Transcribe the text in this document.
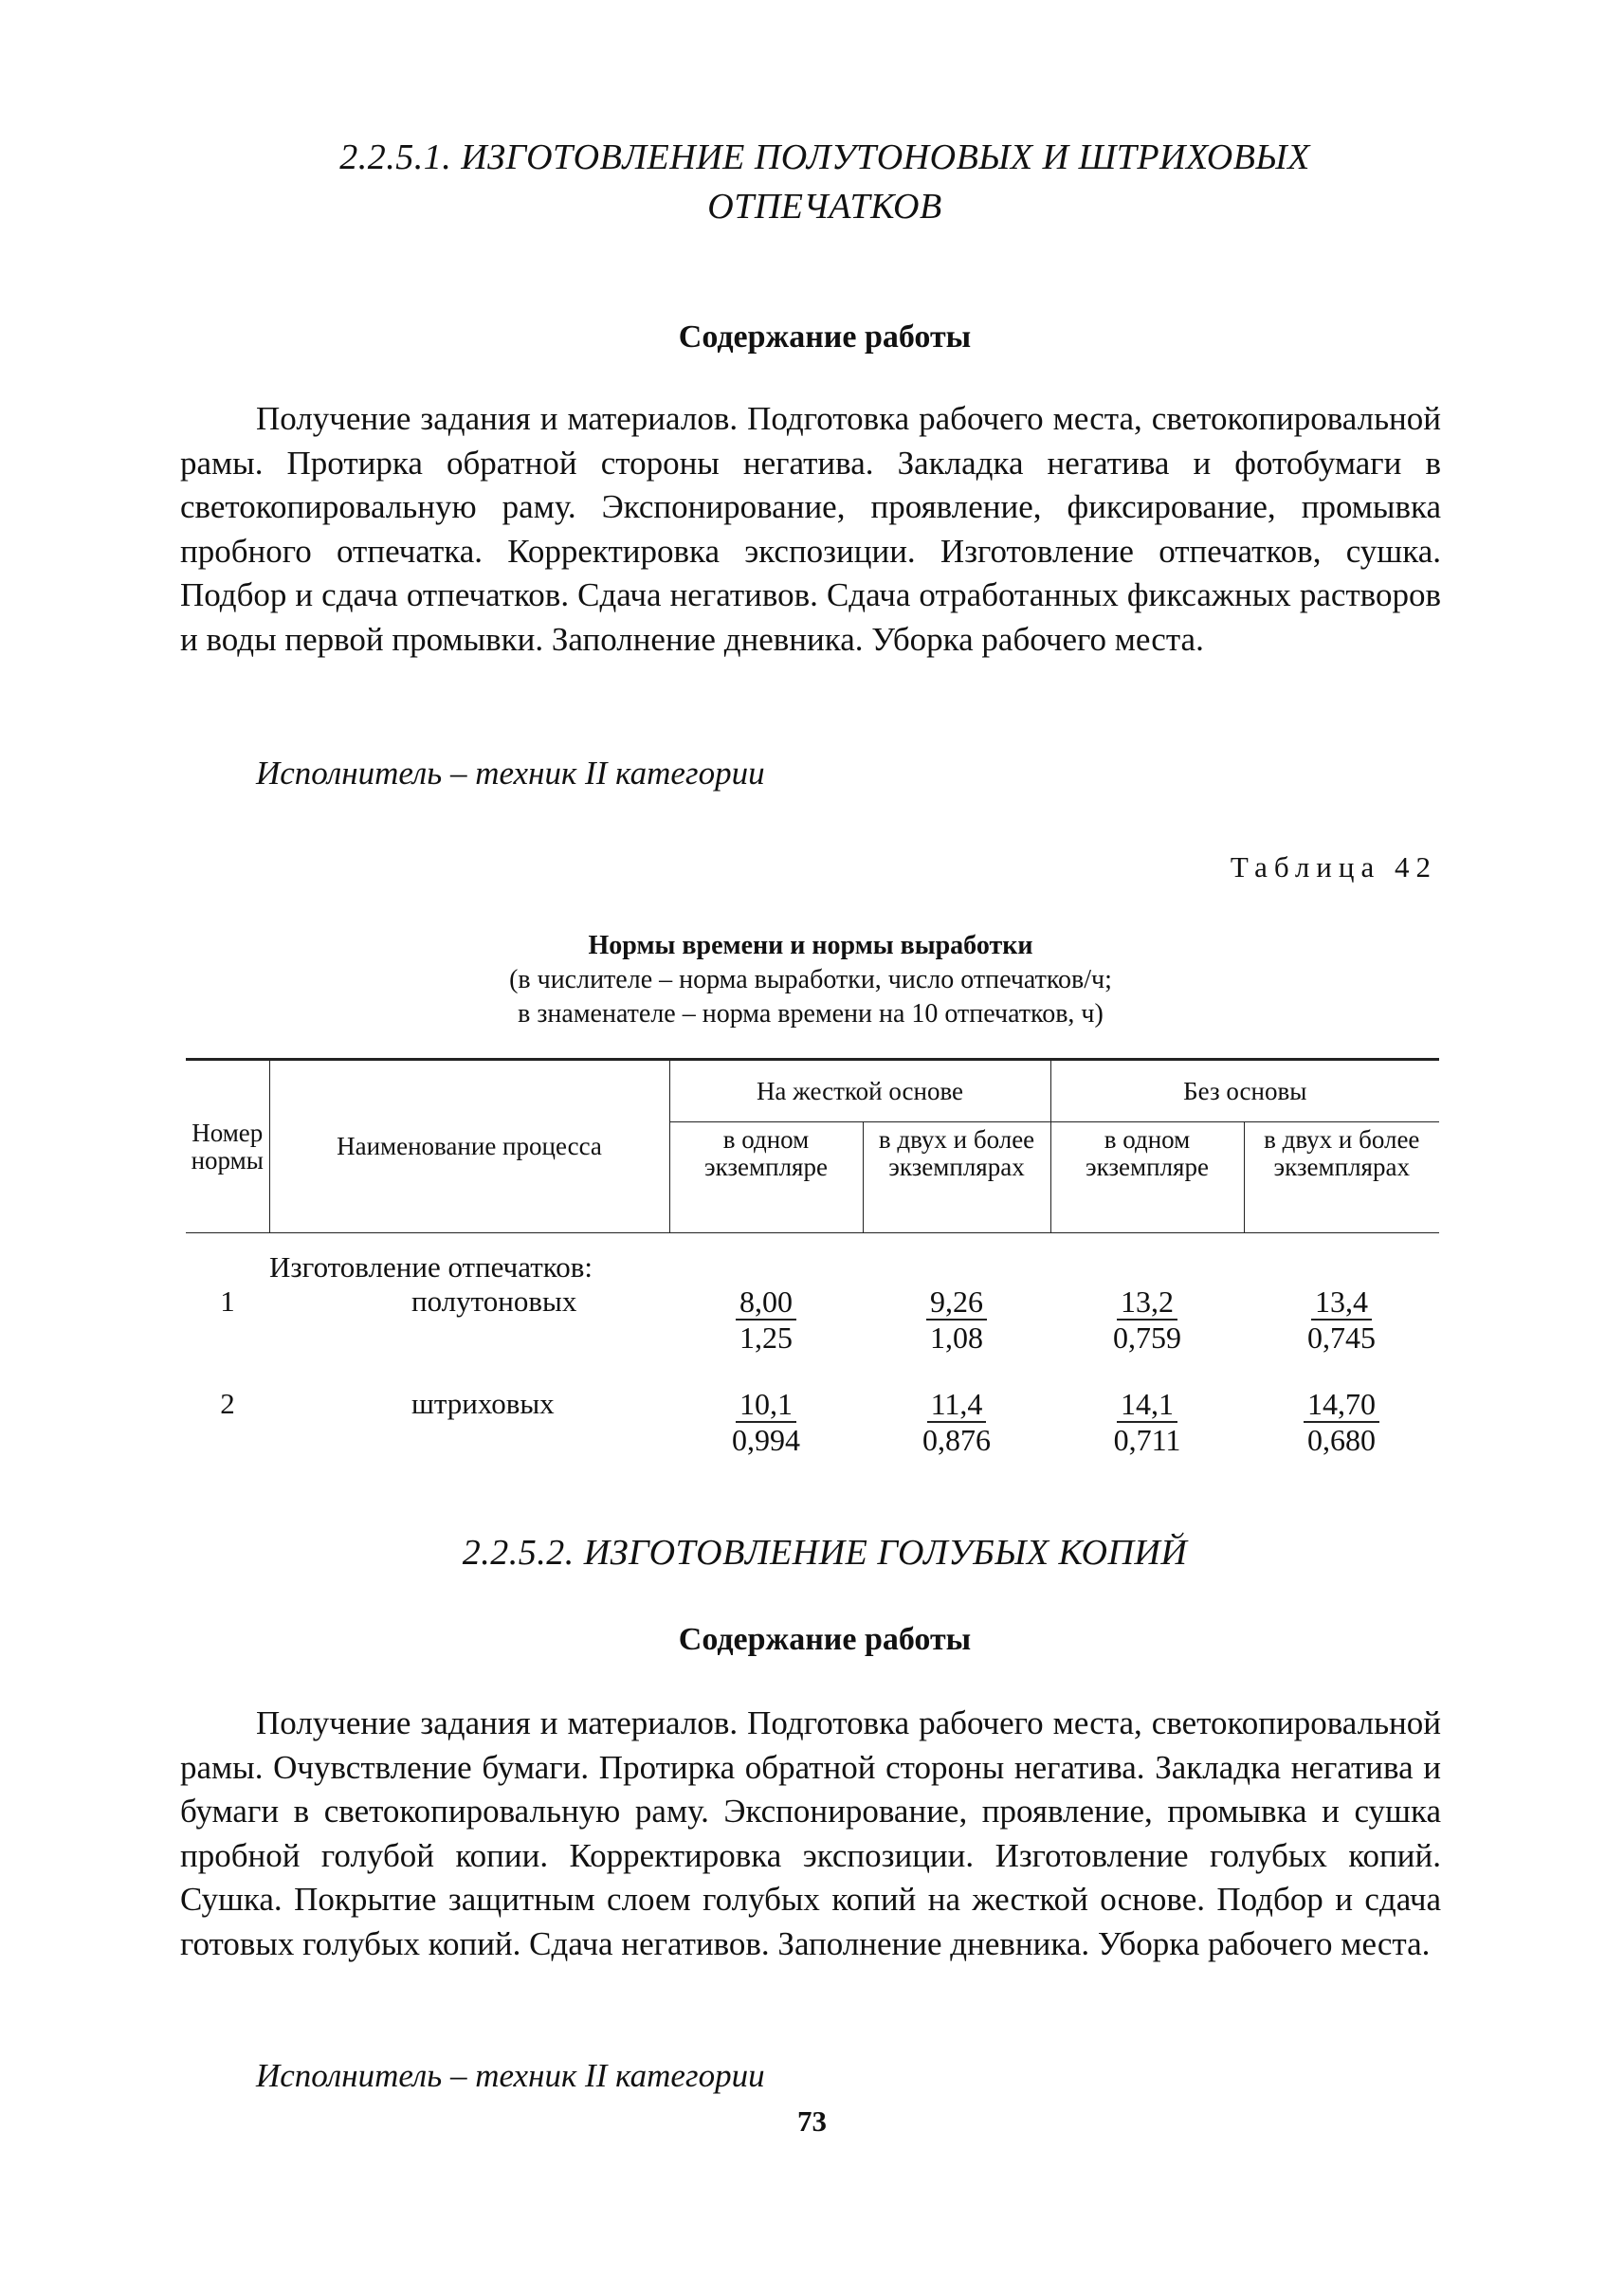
2.2.5.1. ИЗГОТОВЛЕНИЕ ПОЛУТОНОВЫХ И ШТРИХОВЫХ
ОТПЕЧАТКОВ
Содержание работы

Получение задания и материалов. Подготовка рабочего места, светокопировальной рамы. Протирка обратной стороны негатива. Закладка негатива и фотобумаги в светокопировальную раму. Экспонирование, проявление, фиксирование, промывка пробного отпечатка. Корректировка экспозиции. Изготовление отпечатков, сушка. Подбор и сдача отпечатков. Сдача негативов. Сдача отработанных фиксажных растворов и воды первой промывки. Заполнение дневника. Уборка рабочего места.

Исполнитель – техник II категории
Таблица 42
Нормы времени и нормы выработки
(в числителе – норма выработки, число отпечатков/ч;
в знаменателе – норма времени на 10 отпечатков, ч)
Номер нормы	Наименование процесса	На жесткой основе		Без основы	
		в одном экземпляре	в двух и более экземплярах	в одном экземпляре	в двух и более экземплярах
	Изготовление отпечатков:				
1	полутоновых	$\frac{8,00}{1,25}$	$\frac{9,26}{1,08}$	$\frac{13,2}{0,759}$	$\frac{13,4}{0,745}$

2	штриховых	$\frac{10,1}{0,994}$	$\frac{11,4}{0,876}$	$\frac{14,1}{0,711}$	$\frac{14,70}{0,680}$
2.2.5.2. ИЗГОТОВЛЕНИЕ ГОЛУБЫХ КОПИЙ
Содержание работы

Получение задания и материалов. Подготовка рабочего места, светокопировальной рамы. Очувствление бумаги. Протирка обратной стороны негатива. Закладка негатива и бумаги в светокопировальную раму. Экспонирование, проявление, промывка и сушка пробной голубой копии. Корректировка экспозиции. Изготовление голубых копий. Сушка. Покрытие защитным слоем голубых копий на жесткой основе. Подбор и сдача готовых голубых копий. Сдача негативов. Заполнение дневника. Уборка рабочего места.

Исполнитель – техник II категории
73
